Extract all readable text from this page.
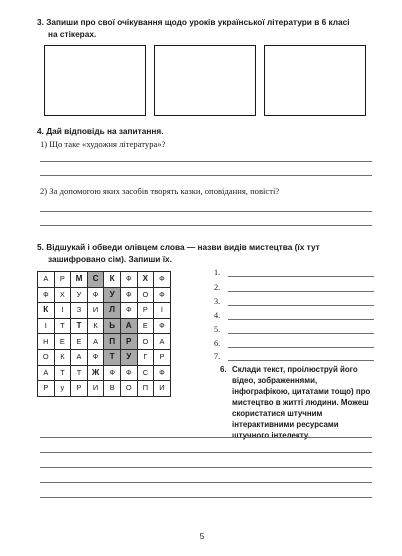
3. Запиши про свої очікування щодо уроків української літератури в 6 класі
на стікерах.
4. Дай відповідь на запитання.
1) Що таке «художня література»?
2) За допомогою яких засобів творять казки, оповідання, повісті?
5. Відшукай і обведи олівцем слова — назви видів мистецтва (їх тут
зашифровано сім). Запиши їх.
А	Р	М	С	К	Ф	Х	Ф
Ф	Х	У	Ф	У	Ф	О	Ф
К	І	З	И	Л	Ф	Р	І
І	Т	Т	К	Ь	А	Е	Ф
Н	Е	Е	А	П	Р	О	А
О	К	А	Ф	Т	У	Г	Р
А	Т	Т	Ж	Ф	Ф	С	Ф
Р	у	Р	И	В	О	П	И
1.
2.
3.
4.
5.
6.
7.
6. Склади текст, проілюструй його відео, зображеннями, інфографікою, цитатами тощо) про мистецтво в житті людини. Можеш скористатися штучним інтерактивними ресурсами штучного інтелекту.
5
